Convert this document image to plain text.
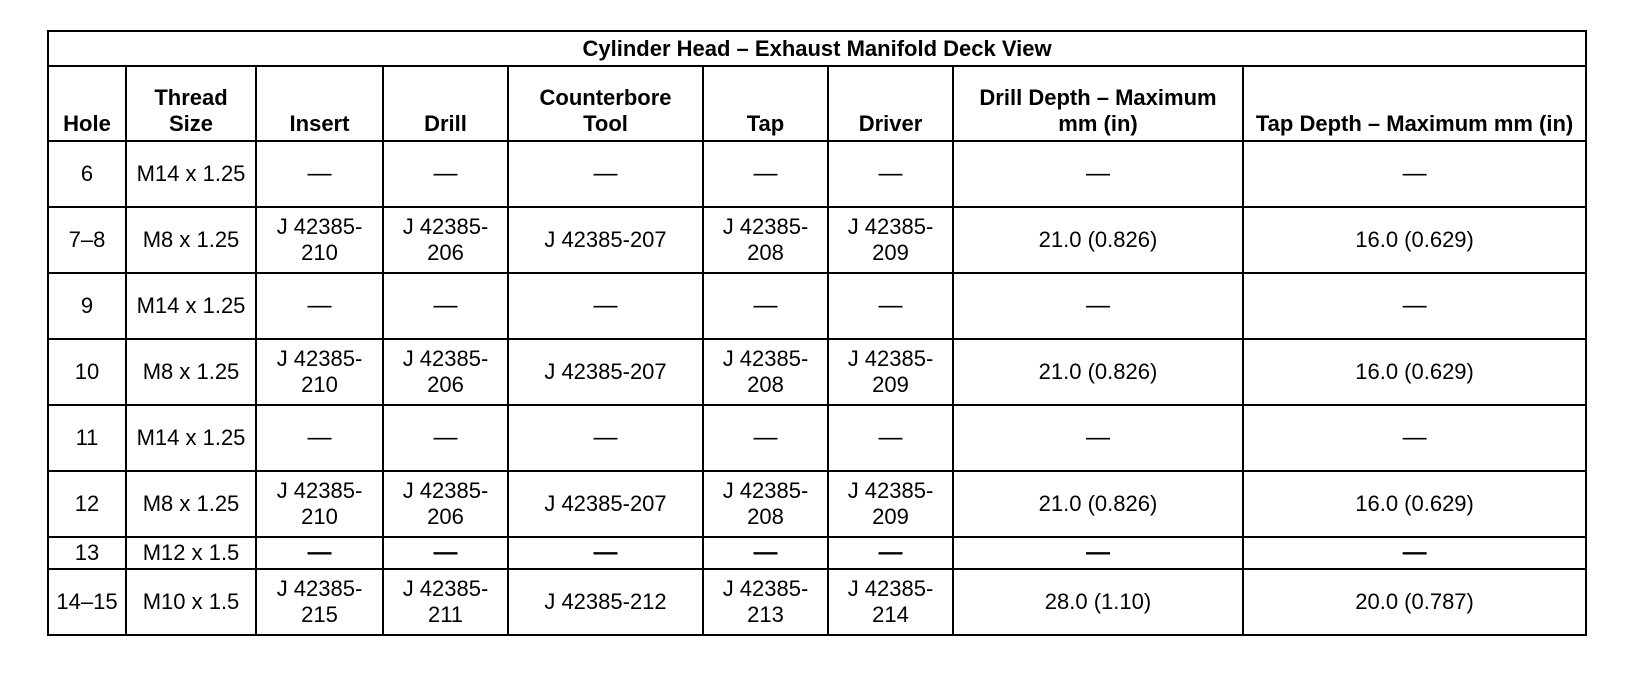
Cylinder Head – Exhaust Manifold Deck View								
Hole	Thread Size	Insert	Drill	Counterbore Tool	Tap	Driver	Drill Depth – Maximum mm (in)	Tap Depth – Maximum mm (in)
6	M14 x 1.25	—	—	—	—	—	—	—
7–8	M8 x 1.25	J 42385-210	J 42385-206	J 42385-207	J 42385-208	J 42385-209	21.0 (0.826)	16.0 (0.629)
9	M14 x 1.25	—	—	—	—	—	—	—
10	M8 x 1.25	J 42385-210	J 42385-206	J 42385-207	J 42385-208	J 42385-209	21.0 (0.826)	16.0 (0.629)
11	M14 x 1.25	—	—	—	—	—	—	—
12	M8 x 1.25	J 42385-210	J 42385-206	J 42385-207	J 42385-208	J 42385-209	21.0 (0.826)	16.0 (0.629)
13	M12 x 1.5	—	—	—	—	—	—	—
14–15	M10 x 1.5	J 42385-215	J 42385-211	J 42385-212	J 42385-213	J 42385-214	28.0 (1.10)	20.0 (0.787)
